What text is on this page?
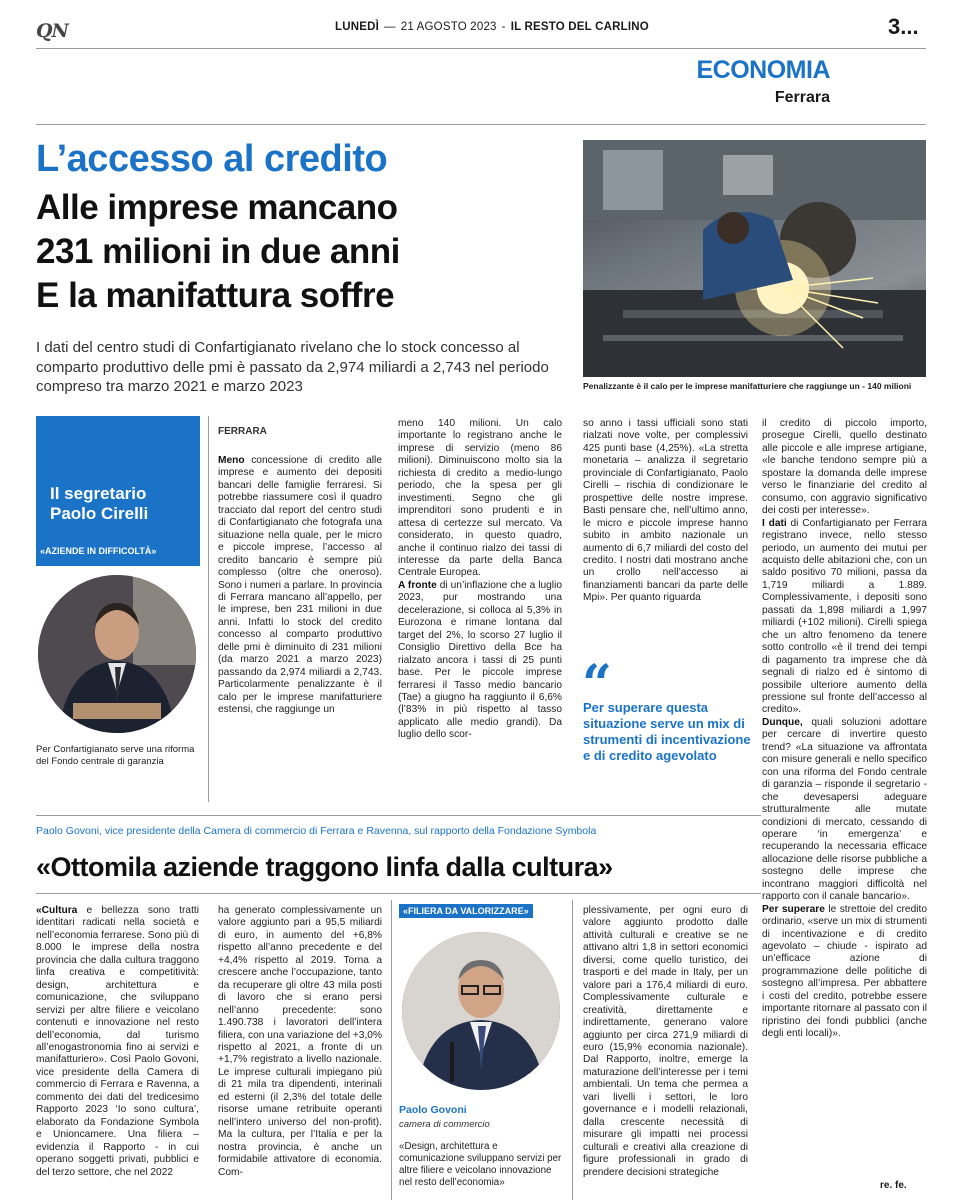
QN	LUNEDÌ — 21 AGOSTO 2023 - IL RESTO DEL CARLINO	3...
ECONOMIA
Ferrara
L’accesso al credito
Alle imprese mancano
231 milioni in due anni
E la manifattura soffre
I dati del centro studi di Confartigianato rivelano che lo stock concesso al comparto produttivo delle pmi è passato da 2,974 miliardi a 2,743 nel periodo compreso tra marzo 2021 e marzo 2023	Penalizzante è il calo per le imprese manifatturiere che raggiunge un - 140 milioni
Il segretario
Paolo Cirelli
«AZIENDE IN DIFFICOLTÀ»
Per Confartigianato serve una riforma del Fondo centrale di garanzia
FERRARA
Meno concessione di credito alle imprese e aumento dei depositi bancari delle famiglie ferraresi. Si potrebbe riassumere così il quadro tracciato dal report del centro studi di Confartigianato che fotografa una situazione nella quale, per le micro e piccole imprese, l’accesso al credito bancario è sempre più complesso (oltre che oneroso). Sono i numeri a parlare. In provincia di Ferrara mancano all’appello, per le imprese, ben 231 milioni in due anni. Infatti lo stock del credito concesso al comparto produttivo delle pmi è diminuito di 231 milioni (da marzo 2021 a marzo 2023) passando da 2,974 miliardi a 2,743. Particolarmente penalizzante è il calo per le imprese manifatturiere estensi, che raggiunge un
meno 140 milioni. Un calo importante lo registrano anche le imprese di servizio (meno 86 milioni). Diminuiscono molto sia la richiesta di credito a medio-lungo periodo, che la spesa per gli investimenti. Segno che gli imprenditori sono prudenti e in attesa di certezze sul mercato. Va considerato, in questo quadro, anche il continuo rialzo dei tassi di interesse da parte della Banca Centrale Europea.
A fronte di un’inflazione che a luglio 2023, pur mostrando una decelerazione, si colloca al 5,3% in Eurozona e rimane lontana dal target del 2%, lo scorso 27 luglio il Consiglio Direttivo della Bce ha rialzato ancora i tassi di 25 punti base. Per le piccole imprese ferraresi il Tasso medio bancario (Tae) a giugno ha raggiunto il 6,6% (l’83% in più rispetto al tasso applicato alle medio grandi). Da luglio dello scor-
so anno i tassi ufficiali sono stati rialzati nove volte, per complessivi 425 punti base (4,25%). «La stretta monetaria – analizza il segretario provinciale di Confartigianato, Paolo Cirelli – rischia di condizionare le prospettive delle nostre imprese. Basti pensare che, nell’ultimo anno, le micro e piccole imprese hanno subito in ambito nazionale un aumento di 6,7 miliardi del costo del credito. I nostri dati mostrano anche un crollo nell’accesso ai finanziamenti bancari da parte delle Mpi». Per quanto riguarda
“
Per superare questa situazione serve un mix di strumenti di incentivazione e di credito agevolato
il credito di piccolo importo, prosegue Cirelli, quello destinato alle piccole e alle imprese artigiane, «le banche tendono sempre più a spostare la domanda delle imprese verso le finanziarie del credito al consumo, con aggravio significativo dei costi per interesse».
I dati di Confartigianato per Ferrara registrano invece, nello stesso periodo, un aumento dei mutui per acquisto delle abitazioni che, con un saldo positivo 70 milioni, passa da 1,719 miliardi a 1.889. Complessivamente, i depositi sono passati da 1,898 miliardi a 1,997 miliardi (+102 milioni). Cirelli spiega che un altro fenomeno da tenere sotto controllo «è il trend dei tempi di pagamento tra imprese che dà segnali di rialzo ed è sintomo di possibile ulteriore aumento della pressione sul fronte dell’accesso al credito».
Dunque, quali soluzioni adottare per cercare di invertire questo trend? «La situazione va affrontata con misure generali e nello specifico con una riforma del Fondo centrale di garanzia – risponde il segretario - che devesapersi adeguare strutturalmente alle mutate condizioni di mercato, cessando di operare ‘in emergenza’ e recuperando la necessaria efficace allocazione delle risorse pubbliche a sostegno delle imprese che incontrano maggiori difficoltà nel rapporto con il canale bancario».
Per superare le strettoie del credito ordinario, «serve un mix di strumenti di incentivazione e di credito agevolato – chiude - ispirato ad un’efficace azione di programmazione delle politiche di sostegno all’impresa. Per abbattere i costi del credito, potrebbe essere importante ritornare al passato con il ripristino dei fondi pubblici (anche degli enti locali)».
re. fe.
Paolo Govoni, vice presidente della Camera di commercio di Ferrara e Ravenna, sul rapporto della Fondazione Symbola
«Ottomila aziende traggono linfa dalla cultura»
«Cultura e bellezza sono tratti identitari radicati nella società e nell’economia ferrarese. Sono più di 8.000 le imprese della nostra provincia che dalla cultura traggono linfa creativa e competitività: design, architettura e comunicazione, che sviluppano servizi per altre filiere e veicolano contenuti e innovazione nel resto dell’economia, dal turismo all’enogastronomia fino ai servizi e manifatturiero». Così Paolo Govoni, vice presidente della Camera di commercio di Ferrara e Ravenna, a commento dei dati del tredicesimo Rapporto 2023 ‘Io sono cultura’, elaborato da Fondazione Symbola e Unioncamere. Una filiera – evidenzia il Rapporto - in cui operano soggetti privati, pubblici e del terzo settore, che nel 2022
ha generato complessivamente un valore aggiunto pari a 95,5 miliardi di euro, in aumento del +6,8% rispetto all’anno precedente e del +4,4% rispetto al 2019. Torna a crescere anche l’occupazione, tanto da recuperare gli oltre 43 mila posti di lavoro che si erano persi nell’anno precedente: sono 1.490.738 i lavoratori dell’intera filiera, con una variazione del +3,0% rispetto al 2021, a fronte di un +1,7% registrato a livello nazionale. Le imprese culturali impiegano più di 21 mila tra dipendenti, interinali ed esterni (il 2,3% del totale delle risorse umane retribuite operanti nell’intero universo del non-profit). Ma la cultura, per l’Italia e per la nostra provincia, è anche un formidabile attivatore di economia. Com-
«FILIERA DA VALORIZZARE»
Paolo Govoni
camera di commercio
«Design, architettura e comunicazione sviluppano servizi per altre filiere e veicolano innovazione nel resto dell’economia»
plessivamente, per ogni euro di valore aggiunto prodotto dalle attività culturali e creative se ne attivano altri 1,8 in settori economici diversi, come quello turistico, dei trasporti e del made in Italy, per un valore pari a 176,4 miliardi di euro. Complessivamente culturale e creatività, direttamente e indirettamente, generano valore aggiunto per circa 271,9 miliardi di euro (15,9% economia nazionale). Dal Rapporto, inoltre, emerge la maturazione dell’interesse per i temi ambientali. Un tema che permea a vari livelli i settori, le loro governance e i modelli relazionali, dalla crescente necessità di misurare gli impatti nei processi culturali e creativi alla creazione di figure professionali in grado di prendere decisioni strategiche
